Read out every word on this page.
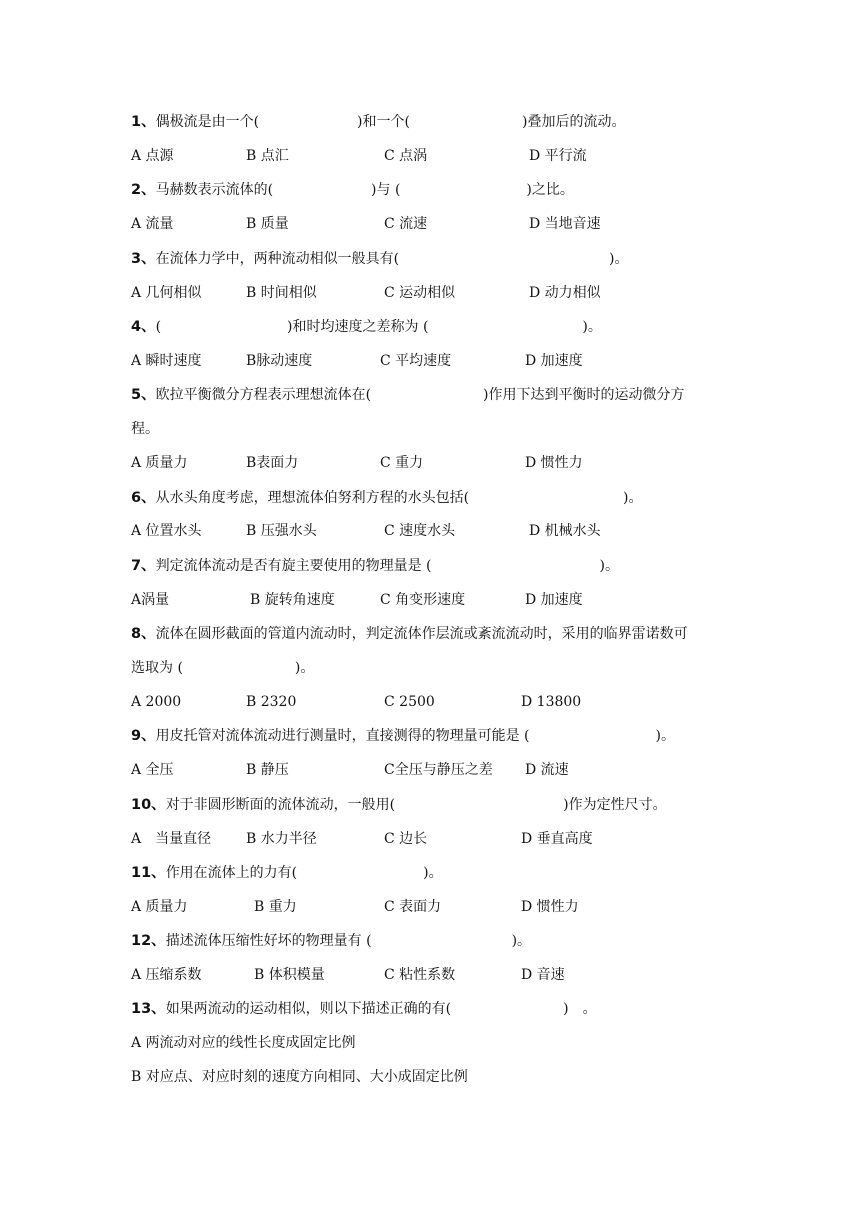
1、偶极流是由一个(　　　　　　　)和一个(　　　　　　　　)叠加后的流动。
A 点源	B 点汇	C 点涡	D 平行流
2、马赫数表示流体的(　　　　　　　)与 (　　　　　　　　　)之比。
A 流量	B 质量	C 流速	D 当地音速
3、在流体力学中，两种流动相似一般具有(　　　　　　　　　　　　　　　)。
A 几何相似	B 时间相似	C 运动相似	D 动力相似
4、(　　　　　　　　　)和时均速度之差称为 (　　　　　　　　　　　)。
A 瞬时速度	B脉动速度	C 平均速度	D 加速度
5、欧拉平衡微分方程表示理想流体在(　　　　　　　　)作用下达到平衡时的运动微分方
程。
A 质量力	B表面力	C 重力	D 惯性力
6、从水头角度考虑，理想流体伯努利方程的水头包括(　　　　　　　　　　　)。
A 位置水头	B 压强水头	C 速度水头	D 机械水头
7、判定流体流动是否有旋主要使用的物理量是 (　　　　　　　　　　　　)。
A涡量	B 旋转角速度	C 角变形速度	D 加速度
8、流体在圆形截面的管道内流动时，判定流体作层流或紊流流动时，采用的临界雷诺数可
选取为 (　　　　　　　　)。
A 2000	B 2320	C 2500	D 13800
9、用皮托管对流体流动进行测量时，直接测得的物理量可能是 (　　　　　　　　　)。
A 全压	B 静压	C全压与静压之差 D 流速
10、对于非圆形断面的流体流动，一般用(　　　　　　　　　　　　)作为定性尺寸。
A　当量直径 B 水力半径	C 边长	D 垂直高度
11、作用在流体上的力有(　　　　　　　　　)。
A 质量力	B 重力	C 表面力	D 惯性力
12、描述流体压缩性好坏的物理量有 (　　　　　　　　　　)。
A 压缩系数	B 体积模量	C 粘性系数	D 音速
13、如果两流动的运动相似，则以下描述正确的有(　　　　　　　　)　。
A 两流动对应的线性长度成固定比例
B 对应点、对应时刻的速度方向相同、大小成固定比例
